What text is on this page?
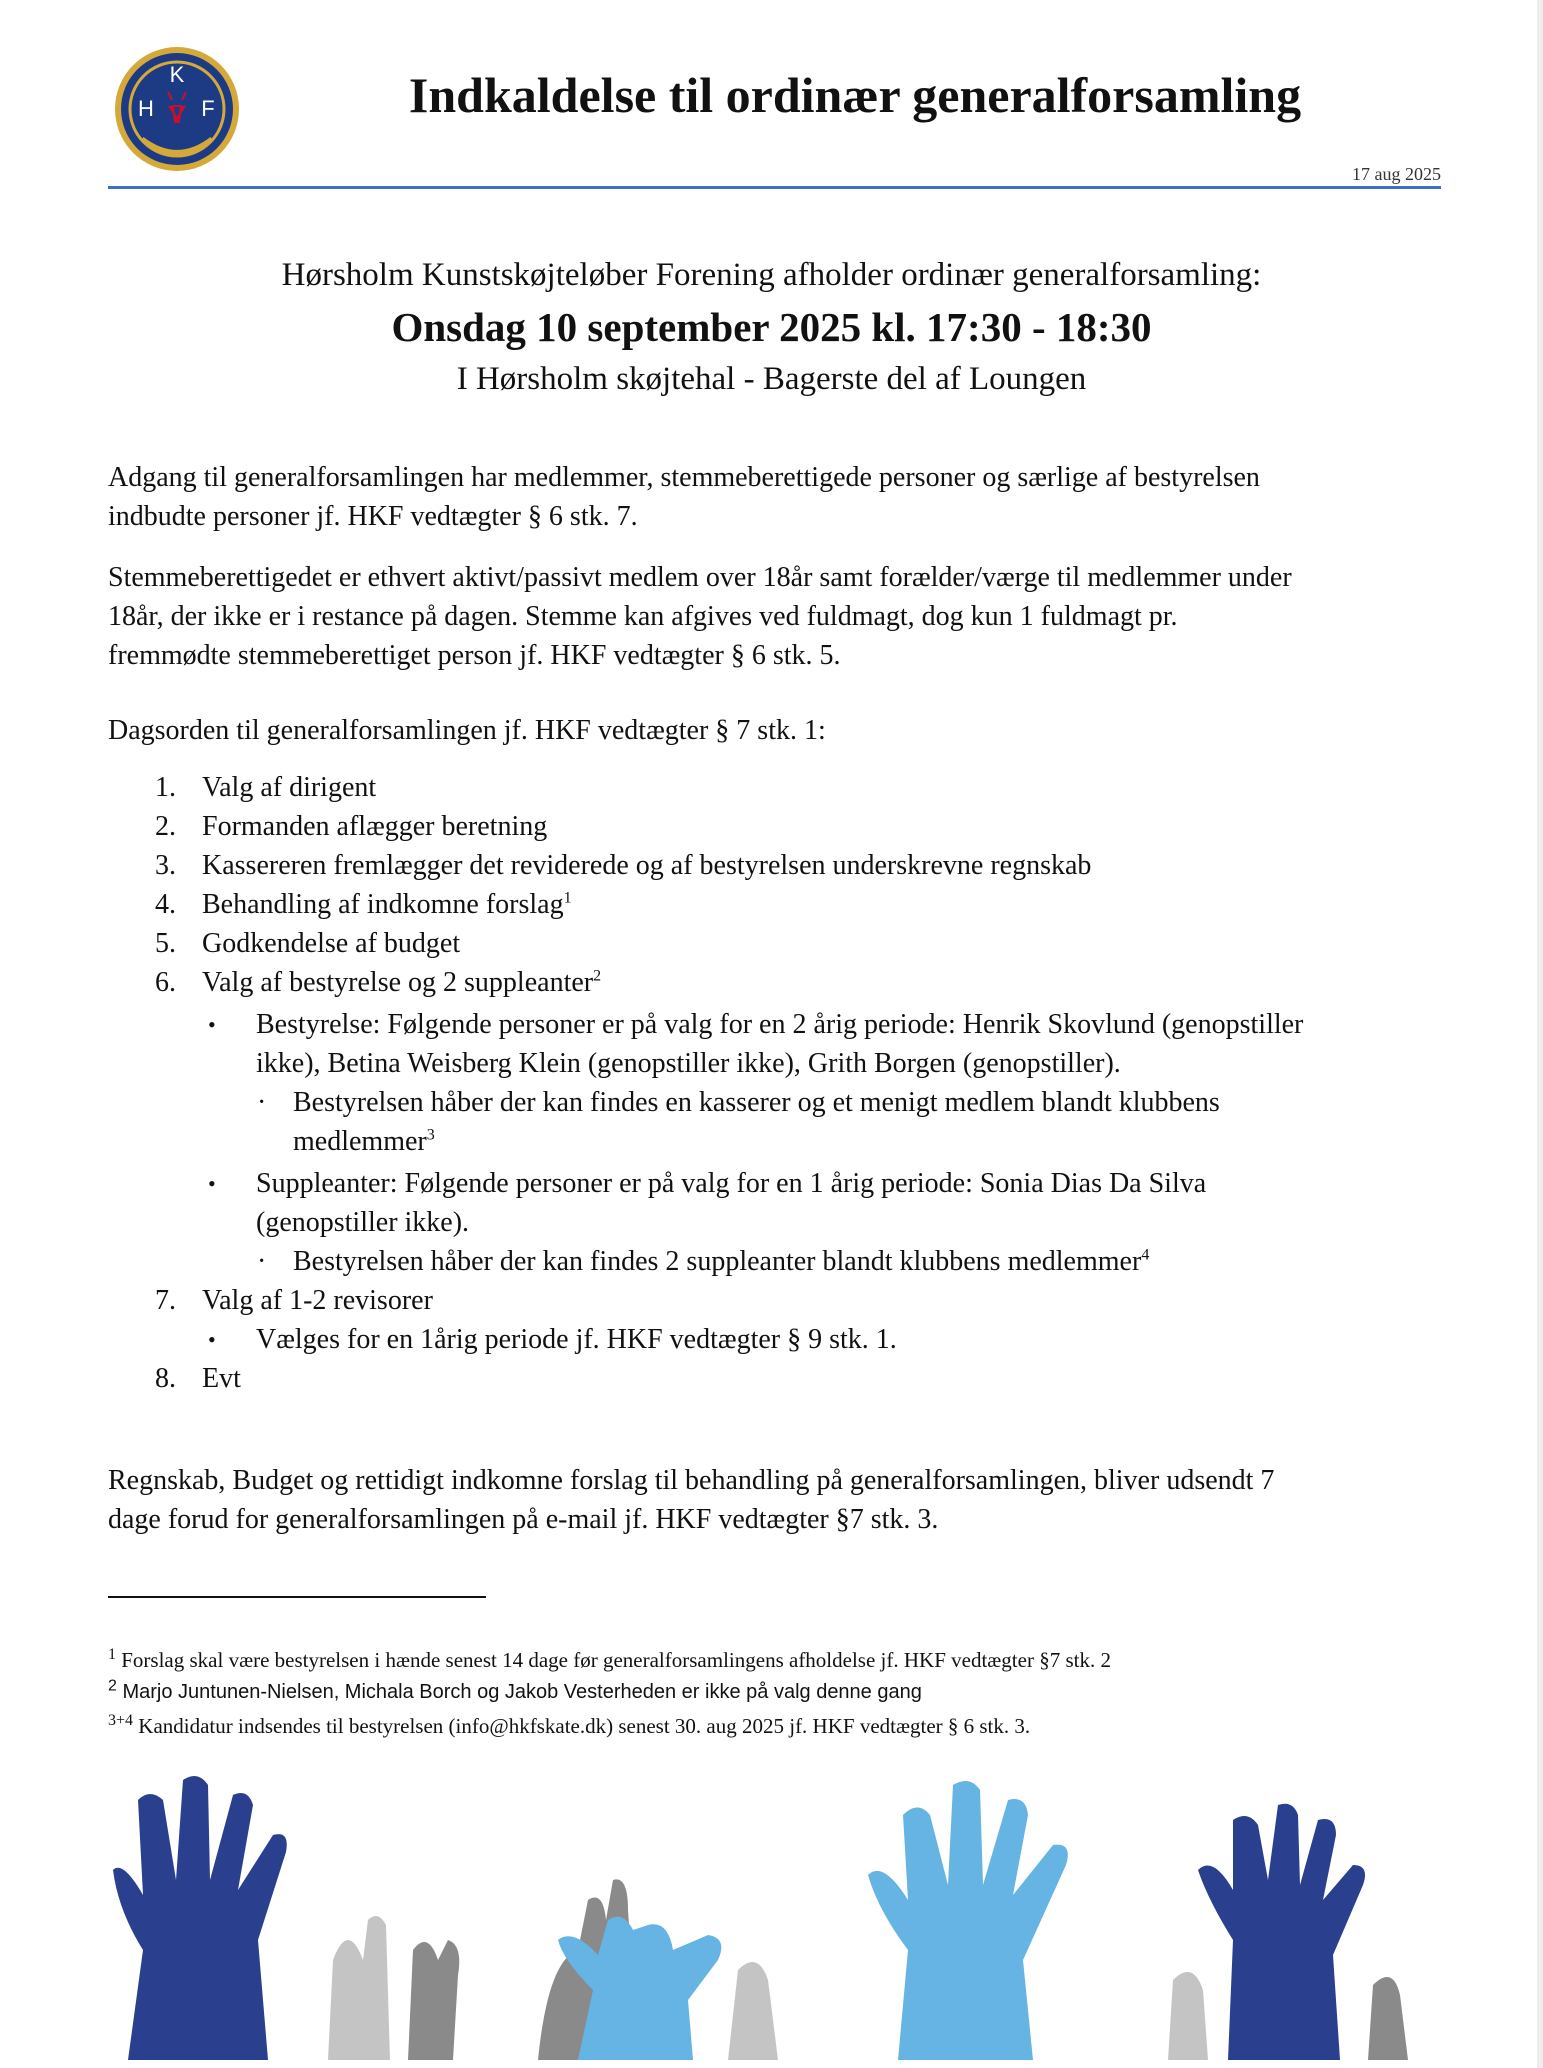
K
H F	Indkaldelse til ordinær generalforsamling
17 aug 2025
Hørsholm Kunstskøjteløber Forening afholder ordinær generalforsamling:
Onsdag 10 september 2025 kl. 17:30 - 18:30
I Hørsholm skøjtehal - Bagerste del af Loungen
Adgang til generalforsamlingen har medlemmer, stemmeberettigede personer og særlige af bestyrelsen
indbudte personer jf. HKF vedtægter § 6 stk. 7.
Stemmeberettigedet er ethvert aktivt/passivt medlem over 18år samt forælder/værge til medlemmer under
18år, der ikke er i restance på dagen. Stemme kan afgives ved fuldmagt, dog kun 1 fuldmagt pr.
fremmødte stemmeberettiget person jf. HKF vedtægter § 6 stk. 5.
Dagsorden til generalforsamlingen jf. HKF vedtægter § 7 stk. 1:
1. Valg af dirigent
2. Formanden aflægger beretning
3. Kassereren fremlægger det reviderede og af bestyrelsen underskrevne regnskab
4. Behandling af indkomne forslag$^1$
5. Godkendelse af budget
6. Valg af bestyrelse og 2 suppleanter$^2$
• Bestyrelse: Følgende personer er på valg for en 2 årig periode: Henrik Skovlund (genopstiller
ikke), Betina Weisberg Klein (genopstiller ikke), Grith Borgen (genopstiller).
· Bestyrelsen håber der kan findes en kasserer og et menigt medlem blandt klubbens
medlemmer$^3$
• Suppleanter: Følgende personer er på valg for en 1 årig periode: Sonia Dias Da Silva
(genopstiller ikke).
· Bestyrelsen håber der kan findes 2 suppleanter blandt klubbens medlemmer$^4$
7. Valg af 1-2 revisorer
• Vælges for en 1årig periode jf. HKF vedtægter § 9 stk. 1.
8. Evt
Regnskab, Budget og rettidigt indkomne forslag til behandling på generalforsamlingen, bliver udsendt 7
dage forud for generalforsamlingen på e-mail jf. HKF vedtægter §7 stk. 3.
$^1$ Forslag skal være bestyrelsen i hænde senest 14 dage før generalforsamlingens afholdelse jf. HKF vedtægter §7 stk. 2
$^2$ Marjo Juntunen-Nielsen, Michala Borch og Jakob Vesterheden er ikke på valg denne gang
$^{3+4}$ Kandidatur indsendes til bestyrelsen (info@hkfskate.dk) senest 30. aug 2025 jf. HKF vedtægter § 6 stk. 3.
